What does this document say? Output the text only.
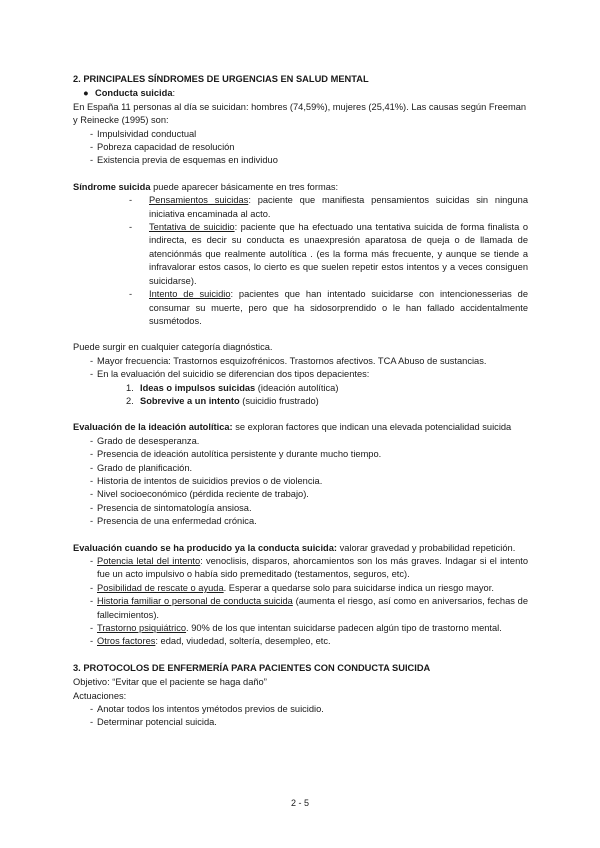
2. PRINCIPALES SÍNDROMES DE URGENCIAS EN SALUD MENTAL

● Conducta suicida:

En España 11 personas al día se suicidan: hombres (74,59%), mujeres (25,41%). Las causas según Freeman y Reinecke (1995) son:

- Impulsividad conductual
- Pobreza capacidad de resolución
- Existencia previa de esquemas en individuo

Síndrome suicida puede aparecer básicamente en tres formas:

- Pensamientos suicidas: paciente que manifiesta pensamientos suicidas sin ninguna iniciativa encaminada al acto.
- Tentativa de suicidio: paciente que ha efectuado una tentativa suicida de forma finalista o indirecta, es decir su conducta es unaexpresión aparatosa de queja o de llamada de atenciónmás que realmente autolítica . (es la forma más frecuente, y aunque se tiende a infravalorar estos casos, lo cierto es que suelen repetir estos intentos y a veces consiguen suicidarse).
- Intento de suicidio: pacientes que han intentado suicidarse con intencionesserias de consumar su muerte, pero que ha sidosorprendido o le han fallado accidentalmente susmétodos.

Puede surgir en cualquier categoría diagnóstica.

- Mayor frecuencia: Trastornos esquizofrénicos. Trastornos afectivos. TCA Abuso de sustancias.
- En la evaluación del suicidio se diferencian dos tipos depacientes:
1. Ideas o impulsos suicidas (ideación autolítica)
2. Sobrevive a un intento (suicidio frustrado)

Evaluación de la ideación autolítica: se exploran factores que indican una elevada potencialidad suicida

- Grado de desesperanza.
- Presencia de ideación autolítica persistente y durante mucho tiempo.
- Grado de planificación.
- Historia de intentos de suicidios previos o de violencia.
- Nivel socioeconómico (pérdida reciente de trabajo).
- Presencia de sintomatología ansiosa.
- Presencia de una enfermedad crónica.

Evaluación cuando se ha producido ya la conducta suicida: valorar gravedad y probabilidad repetición.

- Potencia letal del intento: venoclisis, disparos, ahorcamientos son los más graves. Indagar si el intento fue un acto impulsivo o había sido premeditado (testamentos, seguros, etc).
- Posibilidad de rescate o ayuda. Esperar a quedarse solo para suicidarse indica un riesgo mayor.
- Historia familiar o personal de conducta suicida (aumenta el riesgo, así como en aniversarios, fechas de fallecimientos).
- Trastorno psiquiátrico. 90% de los que intentan suicidarse padecen algún tipo de trastorno mental.
- Otros factores: edad, viudedad, soltería, desempleo, etc.

3. PROTOCOLOS DE ENFERMERÍA PARA PACIENTES CON CONDUCTA SUICIDA

Objetivo: “Evitar que el paciente se haga daño”

Actuaciones:

- Anotar todos los intentos ymétodos previos de suicidio.
- Determinar potencial suicida.
2 - 5
